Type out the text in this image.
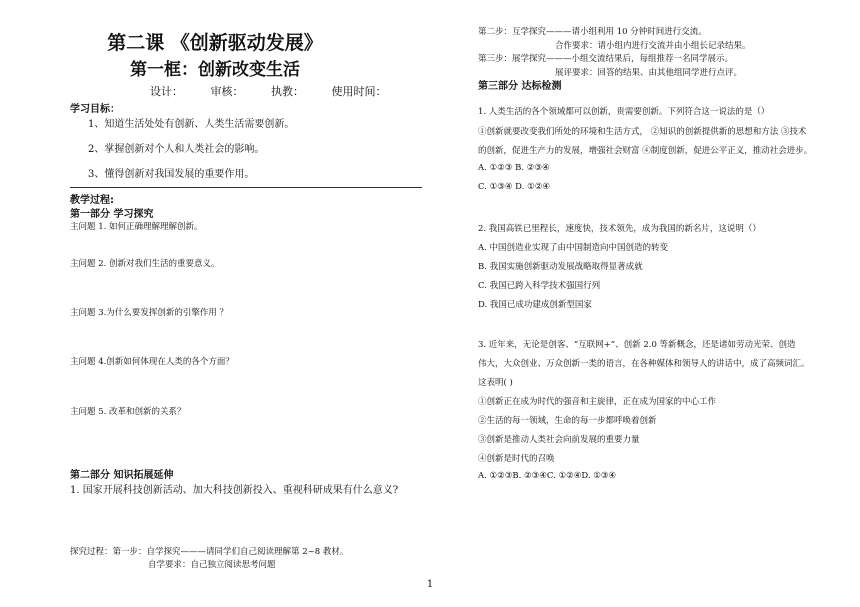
第二课 《创新驱动发展》
第一框：创新改变生活
设计：	审核：	执教：	使用时间：
学习目标：
1、知道生活处处有创新、人类生活需要创新。
2、掌握创新对个人和人类社会的影响。
3、懂得创新对我国发展的重要作用。
教学过程:
第一部分 学习探究
主问题 1. 如何正确理解理解创新。
主问题 2. 创新对我们生活的重要意义。
主问题 3.为什么要发挥创新的引擎作用 ？
主问题 4.创新如何体现在人类的各个方面？
主问题 5. 改革和创新的关系？
第二部分 知识拓展延伸
1. 国家开展科技创新活动、加大科技创新投入、重视科研成果有什么意义?
探究过程：第一步：自学探究———请同学们自己阅读理解第 2~8 教材。
自学要求：自己独立阅读思考问题
第二步：互学探究———请小组利用 10 分钟时间进行交流。
合作要求：请小组内进行交流并由小组长记录结果。
第三步：展学探究———小组交流结果后，每组推荐一名同学展示。
展评要求：回答的结果、由其他组同学进行点评。
第三部分 达标检测
1. 人类生活的各个领域都可以创新，贵需要创新。下列符合这一说法的是（）
①创新就要改变我们所处的环境和生活方式， ②知识的创新提供新的思想和方法 ③技术
的创新，促进生产力的发展，增强社会财富 ④制度创新，促进公平正义，推动社会进步。
A. ①②③ B. ②③④
C. ①③④ D. ①②④
2. 我国高铁已里程长，速度快，技术领先，成为我国的新名片，这说明（）
A. 中国创造业实现了由中国制造向中国创造的转变
B. 我国实施创新驱动发展战略取得显著成就
C. 我国已跨入科学技术强国行列
D. 我国已成功建成创新型国家
3. 近年来，无论是创客、“互联网+”、创新 2.0 等新概念，还是诸如劳动光荣、创造
伟大，大众创业、万众创新一类的语言，在各种媒体和领导人的讲话中，成了高频词汇。
这表明( )
①创新正在成为时代的强音和主旋律，正在成为国家的中心工作
②生活的每一领域，生命的每一步都呼唤着创新
③创新是推动人类社会向前发展的重要力量
④创新是时代的召唤
A. ①②③B. ②③④C. ①②④D. ①③④
1
